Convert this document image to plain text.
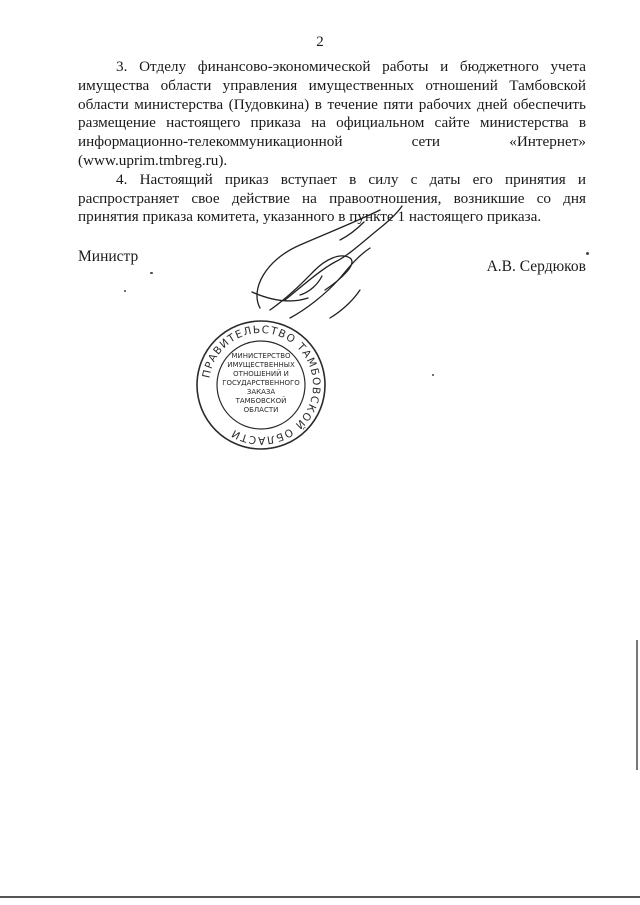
2

3. Отделу финансово-экономической работы и бюджетного учета имущества области управления имущественных отношений Тамбовской области министерства (Пудовкина) в течение пяти рабочих дней обеспечить размещение настоящего приказа на официальном сайте министерства в информационно-телекоммуникационной сети «Интернет» (www.uprim.tmbreg.ru).

4. Настоящий приказ вступает в силу с даты его принятия и распространяет свое действие на правоотношения, возникшие со дня принятия приказа комитета, указанного в пункте 1 настоящего приказа.

Министр
А.В. Сердюков
ПРАВИТЕЛЬСТВО ТАМБОВСКОЙ ОБЛАСТИ
МИНИСТЕРСТВО
ИМУЩЕСТВЕННЫХ
ОТНОШЕНИЙ И
ГОСУДАРСТВЕННОГО
ЗАКАЗА
ТАМБОВСКОЙ
ОБЛАСТИ
